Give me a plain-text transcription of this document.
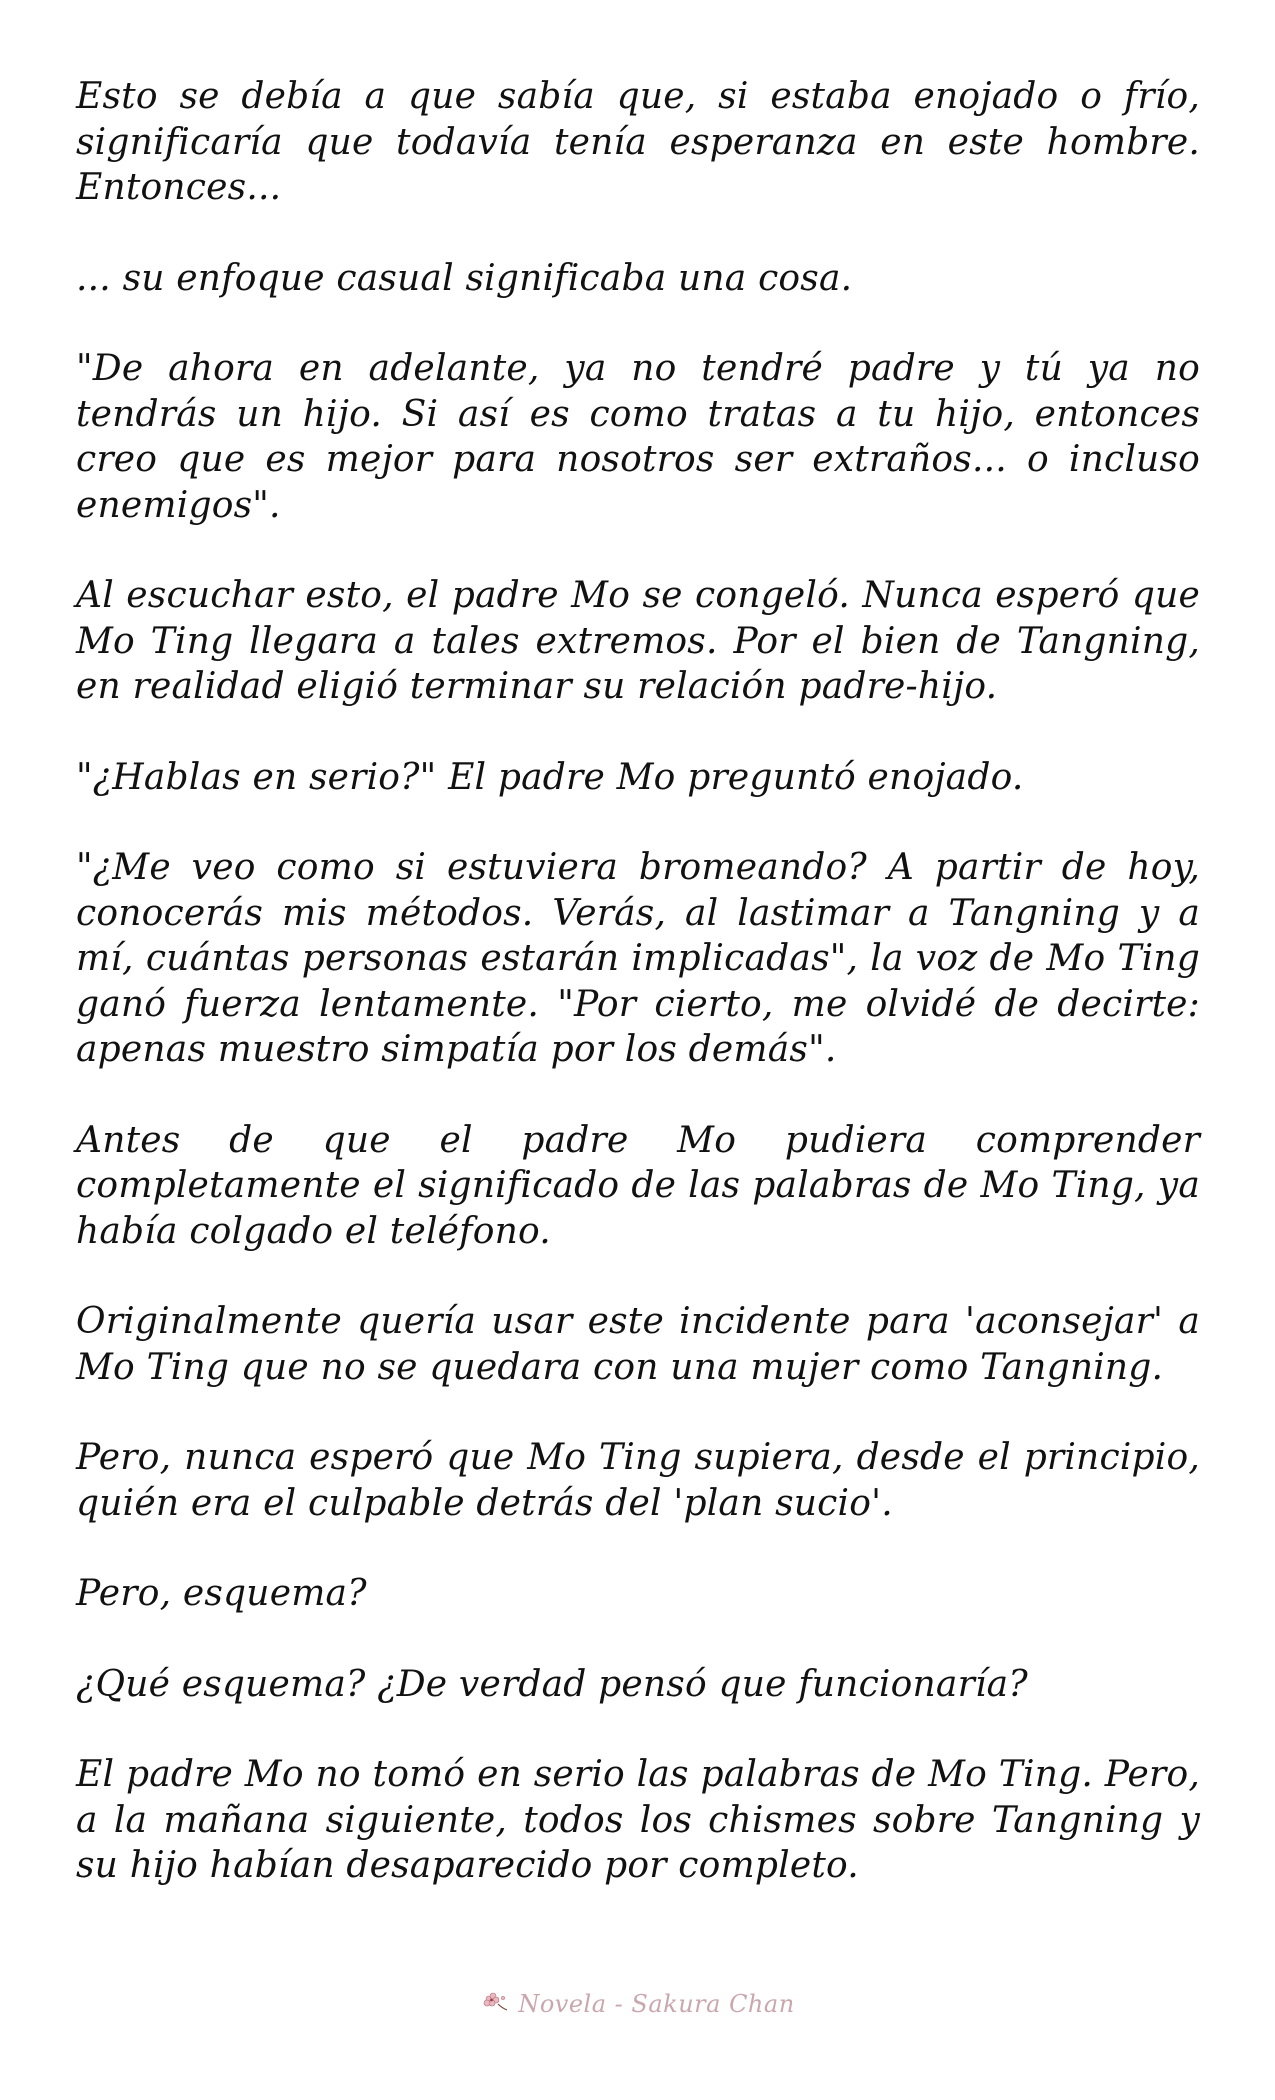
Esto se debía a que sabía que, si estaba enojado o frío, significaría que todavía tenía esperanza en este hombre. Entonces...

... su enfoque casual significaba una cosa.

"De ahora en adelante, ya no tendré padre y tú ya no tendrás un hijo. Si así es como tratas a tu hijo, entonces creo que es mejor para nosotros ser extraños... o incluso enemigos".

Al escuchar esto, el padre Mo se congeló. Nunca esperó que Mo Ting llegara a tales extremos. Por el bien de Tangning, en realidad eligió terminar su relación padre-hijo.

"¿Hablas en serio?" El padre Mo preguntó enojado.

"¿Me veo como si estuviera bromeando? A partir de hoy, conocerás mis métodos. Verás, al lastimar a Tangning y a mí, cuántas personas estarán implicadas", la voz de Mo Ting ganó fuerza lentamente. "Por cierto, me olvidé de decirte: apenas muestro simpatía por los demás".

Antes de que el padre Mo pudiera comprender completamente el significado de las palabras de Mo Ting, ya había colgado el teléfono.

Originalmente quería usar este incidente para 'aconsejar' a Mo Ting que no se quedara con una mujer como Tangning.

Pero, nunca esperó que Mo Ting supiera, desde el principio, quién era el culpable detrás del 'plan sucio'.

Pero, esquema?

¿Qué esquema? ¿De verdad pensó que funcionaría?

El padre Mo no tomó en serio las palabras de Mo Ting. Pero, a la mañana siguiente, todos los chismes sobre Tangning y su hijo habían desaparecido por completo.

Novela - Sakura Chan
